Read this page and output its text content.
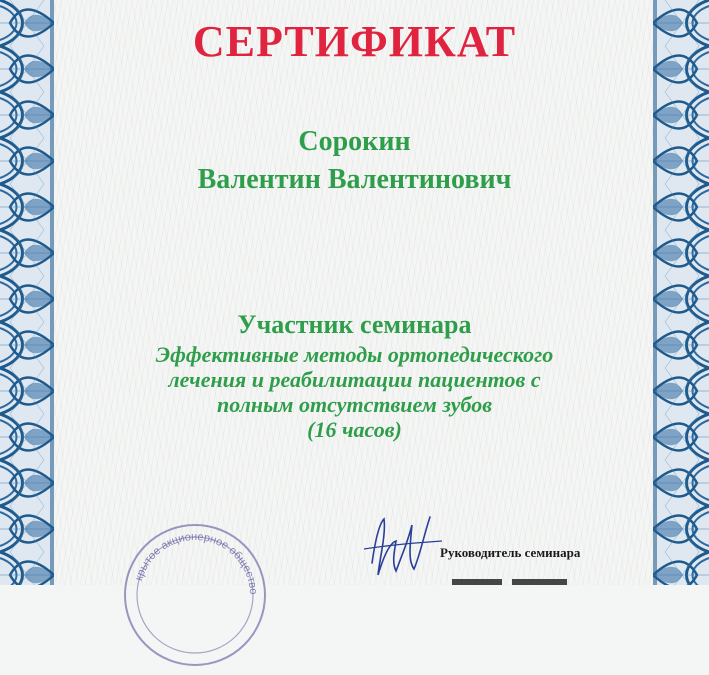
СЕРТИФИКАТ
Сорокин
Валентин Валентинович
Участник семинара
Эффективные методы ортопедического
лечения и реабилитации пациентов с
полным отсутствием зубов
(16 часов)
крытое акционерное общество
Руководитель семинара
